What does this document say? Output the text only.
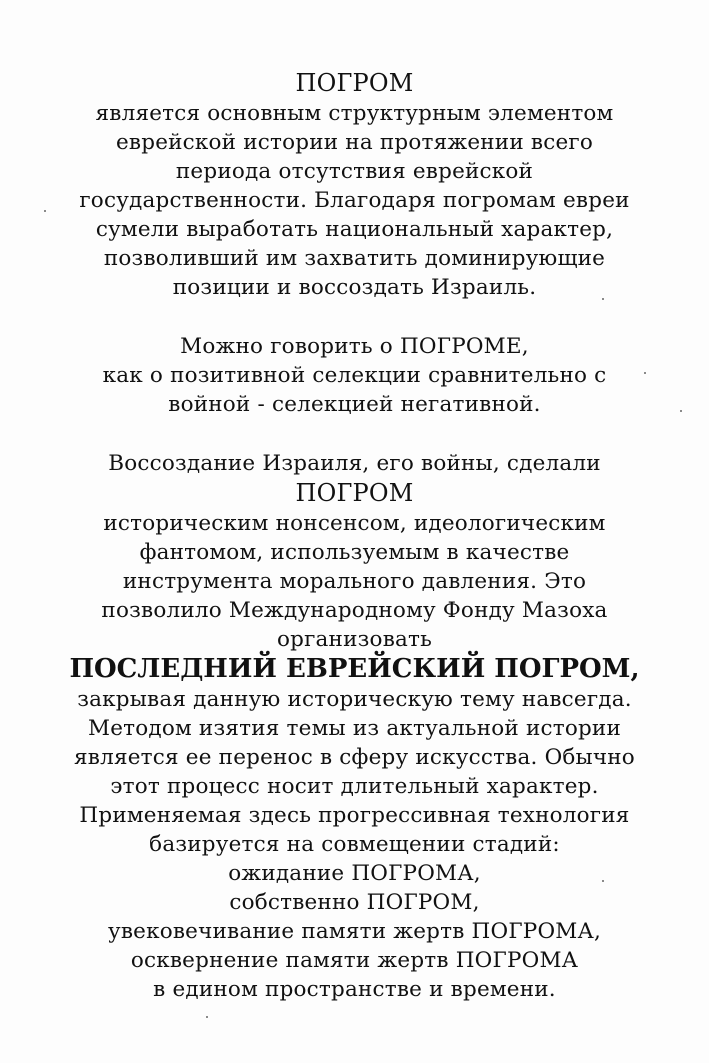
ПОГРОМ
является основным структурным элементом
еврейской истории на протяжении всего
периода отсутствия еврейской
государственности. Благодаря погромам евреи
сумели выработать национальный характер,
позволивший им захватить доминирующие
позиции и воссоздать Израиль.
Можно говорить о ПОГРОМЕ,
как о позитивной селекции сравнительно с
войной - селекцией негативной.
Воссоздание Израиля, его войны, сделали
ПОГРОМ
историческим нонсенсом, идеологическим
фантомом, используемым в качестве
инструмента морального давления. Это
позволило Международному Фонду Мазоха
организовать
ПОСЛЕДНИЙ ЕВРЕЙСКИЙ ПОГРОМ,
закрывая данную историческую тему навсегда.
Методом изятия темы из актуальной истории
является ее перенос в сферу искусства. Обычно
этот процесс носит длительный характер.
Применяемая здесь прогрессивная технология
базируется на совмещении стадий:
ожидание ПОГРОМА,
собственно ПОГРОМ,
увековечивание памяти жертв ПОГРОМА,
осквернение памяти жертв ПОГРОМА
в едином пространстве и времени.
